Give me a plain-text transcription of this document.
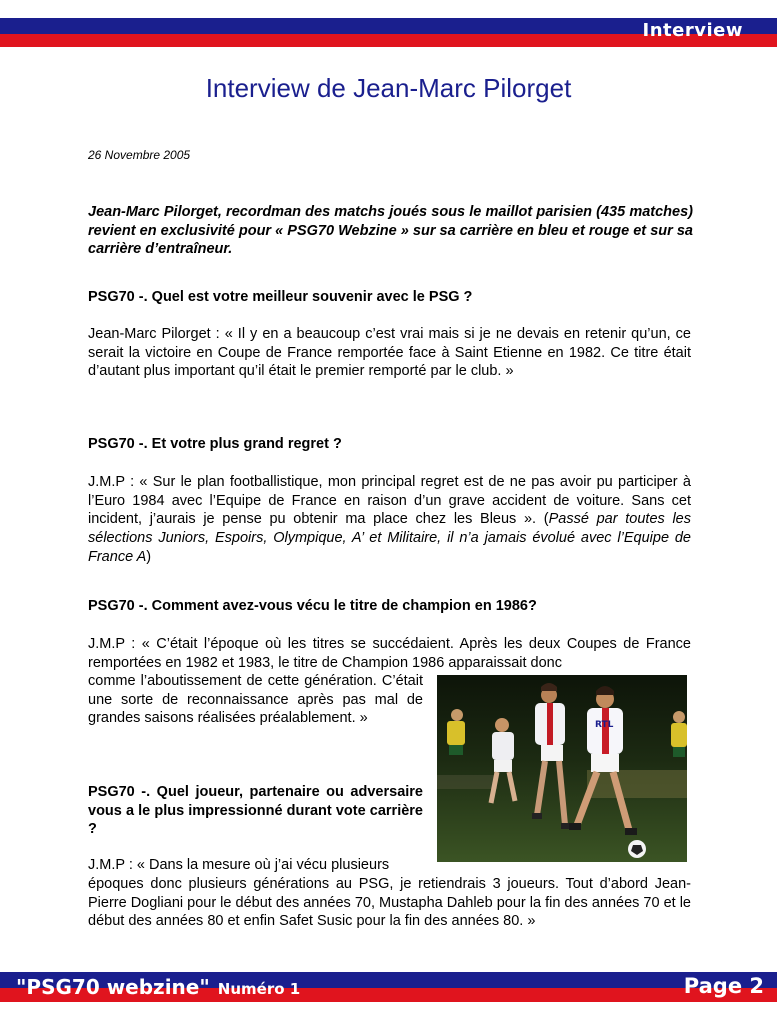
Interview
Interview de Jean-Marc Pilorget
26 Novembre 2005
Jean-Marc Pilorget, recordman des matchs joués sous le maillot parisien (435 matches) revient en exclusivité pour « PSG70 Webzine » sur sa carrière en bleu et rouge et sur sa carrière d’entraîneur.
PSG70 -. Quel est votre meilleur souvenir avec le PSG ?
Jean-Marc Pilorget : « Il y en a beaucoup c’est vrai mais si je ne devais en retenir qu’un, ce serait la victoire en Coupe de France remportée face à Saint Etienne en 1982. Ce titre était d’autant plus important qu’il était le premier remporté par le club. »
PSG70 -. Et votre plus grand regret ?
J.M.P : « Sur le plan footballistique, mon principal regret est de ne pas avoir pu participer à l’Euro 1984 avec l’Equipe de France en raison d’un grave accident de voiture. Sans cet incident, j’aurais je pense pu obtenir ma place chez les Bleus ». (Passé par toutes les sélections Juniors, Espoirs, Olympique, A’ et Militaire, il n’a jamais évolué avec l’Equipe de France A)
PSG70 -. Comment avez-vous vécu le titre de champion en 1986?
J.M.P : « C’était l’époque où les titres se succédaient. Après les deux Coupes de France remportées en 1982 et 1983, le titre de Champion 1986 apparaissait donc
comme l’aboutissement de cette génération. C’était une sorte de reconnaissance après pas mal de grandes saisons réalisées préalablement. »
PSG70 -. Quel joueur, partenaire ou adversaire vous a le plus impressionné durant vote carrière ?
J.M.P : « Dans la mesure où j’ai vécu plusieurs
époques donc plusieurs générations au PSG, je retiendrais 3 joueurs. Tout d’abord Jean-Pierre Dogliani pour le début des années 70, Mustapha Dahleb pour la fin des années 70 et le début des années 80 et enfin Safet Susic pour la fin des années 80. »
RTL
"PSG70 webzine" Numéro 1	Page 2
